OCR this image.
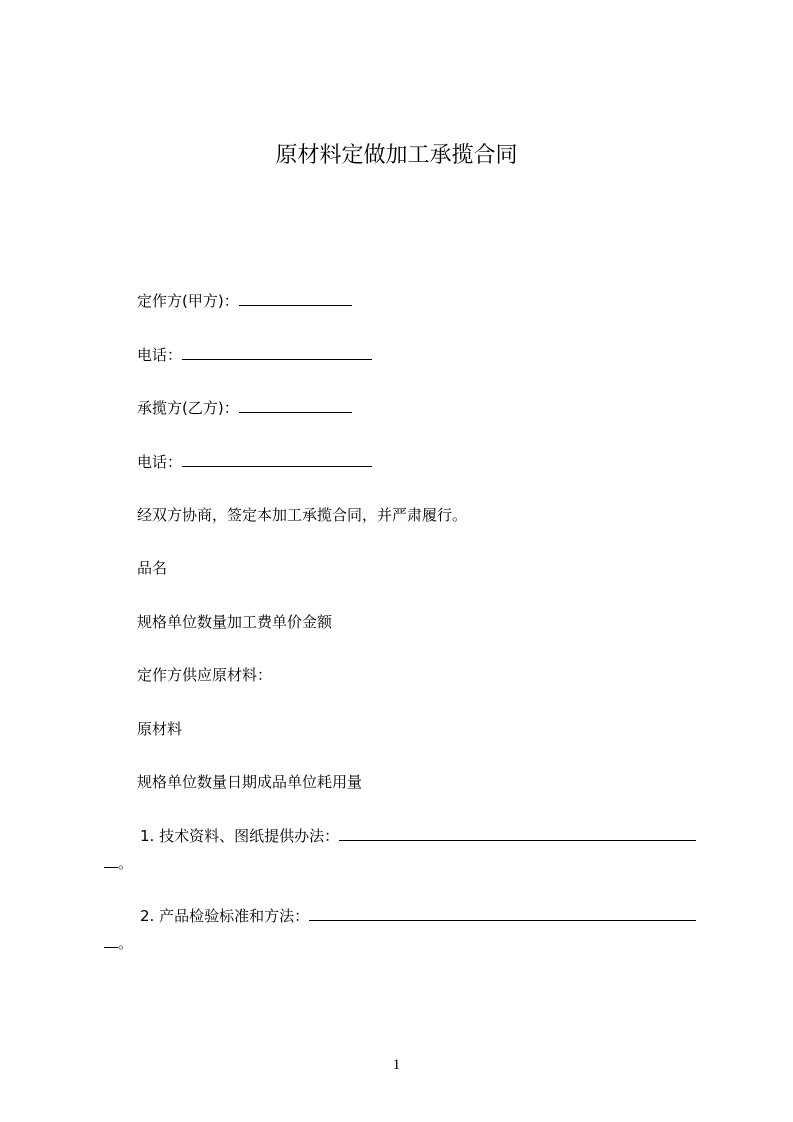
原材料定做加工承揽合同
定作方(甲方)：
电话：
承揽方(乙方)：
电话：
经双方协商，签定本加工承揽合同，并严肃履行。
品名
规格单位数量加工费单价金额
定作方供应原材料：
原材料
规格单位数量日期成品单位耗用量
1. 技术资料、图纸提供办法：
。
2. 产品检验标准和方法：
。
1
